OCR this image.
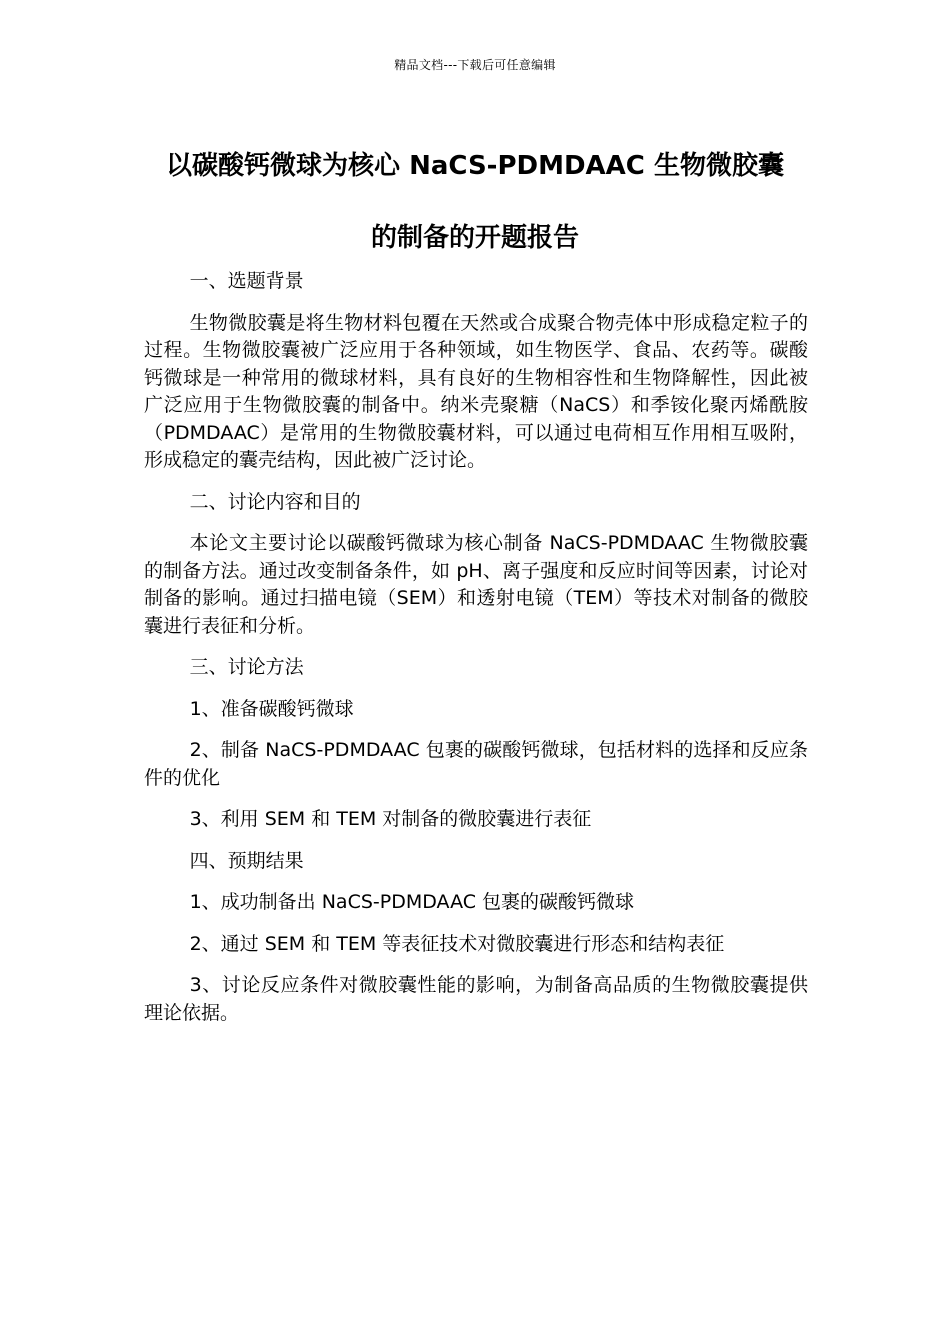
精品文档---下载后可任意编辑
以碳酸钙微球为核心 NaCS-PDMDAAC 生物微胶囊
的制备的开题报告

一、选题背景

生物微胶囊是将生物材料包覆在天然或合成聚合物壳体中形成稳定粒子的过程。生物微胶囊被广泛应用于各种领域，如生物医学、食品、农药等。碳酸钙微球是一种常用的微球材料，具有良好的生物相容性和生物降解性，因此被广泛应用于生物微胶囊的制备中。纳米壳聚糖（NaCS）和季铵化聚丙烯酰胺（PDMDAAC）是常用的生物微胶囊材料，可以通过电荷相互作用相互吸附，形成稳定的囊壳结构，因此被广泛讨论。

二、讨论内容和目的

本论文主要讨论以碳酸钙微球为核心制备 NaCS-PDMDAAC 生物微胶囊的制备方法。通过改变制备条件，如 pH、离子强度和反应时间等因素，讨论对制备的影响。通过扫描电镜（SEM）和透射电镜（TEM）等技术对制备的微胶囊进行表征和分析。

三、讨论方法

1、准备碳酸钙微球

2、制备 NaCS-PDMDAAC 包裹的碳酸钙微球，包括材料的选择和反应条件的优化

3、利用 SEM 和 TEM 对制备的微胶囊进行表征

四、预期结果

1、成功制备出 NaCS-PDMDAAC 包裹的碳酸钙微球

2、通过 SEM 和 TEM 等表征技术对微胶囊进行形态和结构表征

3、讨论反应条件对微胶囊性能的影响，为制备高品质的生物微胶囊提供理论依据。
